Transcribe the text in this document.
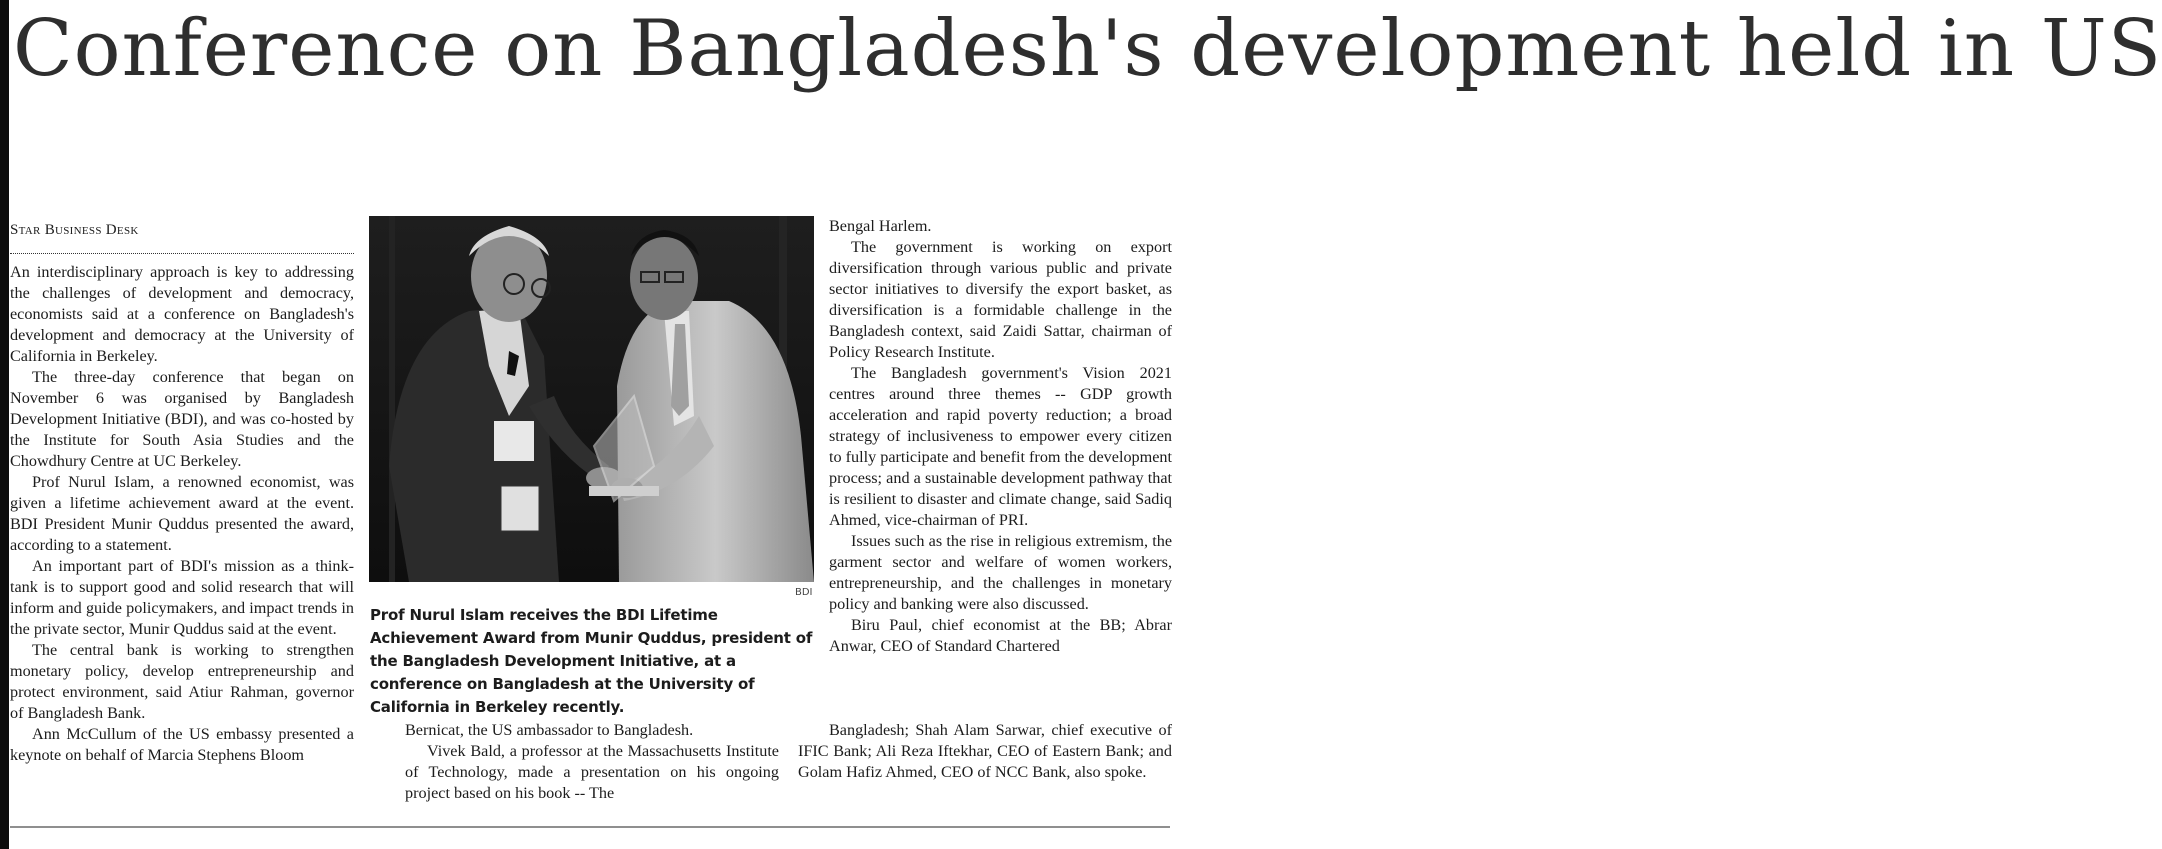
Conference on Bangladesh's development held in US
Star Business Desk

An interdisciplinary approach is key to addressing the challenges of development and democracy, economists said at a conference on Bangladesh's development and democracy at the University of California in Berkeley.

The three-day conference that began on November 6 was organised by Bangladesh Development Initiative (BDI), and was co-hosted by the Institute for South Asia Studies and the Chowdhury Centre at UC Berkeley.

Prof Nurul Islam, a renowned economist, was given a lifetime achievement award at the event. BDI President Munir Quddus presented the award, according to a statement.

An important part of BDI's mission as a think-tank is to support good and solid research that will inform and guide policymakers, and impact trends in the private sector, Munir Quddus said at the event.

The central bank is working to strengthen monetary policy, develop entrepreneurship and protect environment, said Atiur Rahman, governor of Bangladesh Bank.

Ann McCullum of the US embassy presented a keynote on behalf of Marcia Stephens Bloom

BDI

Prof Nurul Islam receives the BDI Lifetime Achievement Award from Munir Quddus, president of the Bangladesh Development Initiative, at a conference on Bangladesh at the University of California in Berkeley recently.

Bernicat, the US ambassador to Bangladesh.

Vivek Bald, a professor at the Massachusetts Institute of Technology, made a presentation on his ongoing project based on his book -- The

Bengal Harlem.

The government is working on export diversification through various public and private sector initiatives to diversify the export basket, as diversification is a formidable challenge in the Bangladesh context, said Zaidi Sattar, chairman of Policy Research Institute.

The Bangladesh government's Vision 2021 centres around three themes -- GDP growth acceleration and rapid poverty reduction; a broad strategy of inclusiveness to empower every citizen to fully participate and benefit from the development process; and a sustainable development pathway that is resilient to disaster and climate change, said Sadiq Ahmed, vice-chairman of PRI.

Issues such as the rise in religious extremism, the garment sector and welfare of women workers, entrepreneurship, and the challenges in monetary policy and banking were also discussed.

Biru Paul, chief economist at the BB; Abrar Anwar, CEO of Standard Chartered

Bangladesh; Shah Alam Sarwar, chief executive of IFIC Bank; Ali Reza Iftekhar, CEO of Eastern Bank; and Golam Hafiz Ahmed, CEO of NCC Bank, also spoke.
